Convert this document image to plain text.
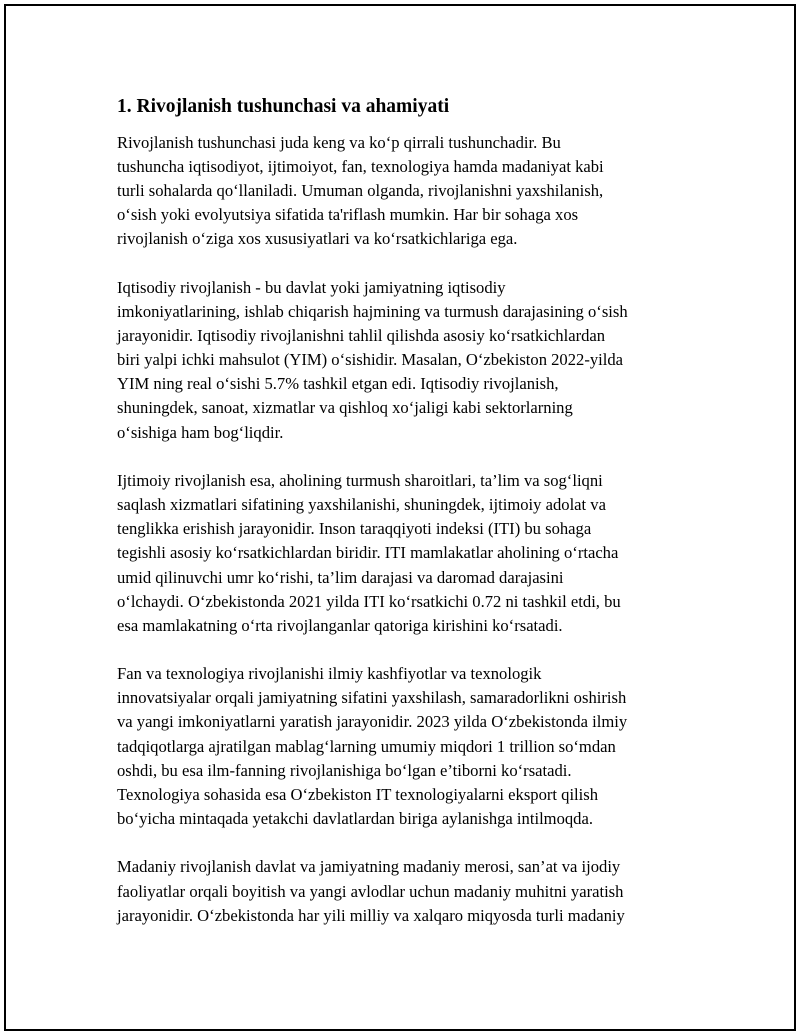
1. Rivojlanish tushunchasi va ahamiyati

Rivojlanish tushunchasi juda keng va ko‘p qirrali tushunchadir. Bu
tushuncha iqtisodiyot, ijtimoiyot, fan, texnologiya hamda madaniyat kabi
turli sohalarda qo‘llaniladi. Umuman olganda, rivojlanishni yaxshilanish,
o‘sish yoki evolyutsiya sifatida ta'riflash mumkin. Har bir sohaga xos
rivojlanish o‘ziga xos xususiyatlari va ko‘rsatkichlariga ega.

Iqtisodiy rivojlanish - bu davlat yoki jamiyatning iqtisodiy
imkoniyatlarining, ishlab chiqarish hajmining va turmush darajasining o‘sish
jarayonidir. Iqtisodiy rivojlanishni tahlil qilishda asosiy ko‘rsatkichlardan
biri yalpi ichki mahsulot (YIM) o‘sishidir. Masalan, O‘zbekiston 2022-yilda
YIM ning real o‘sishi 5.7% tashkil etgan edi. Iqtisodiy rivojlanish,
shuningdek, sanoat, xizmatlar va qishloq xo‘jaligi kabi sektorlarning
o‘sishiga ham bog‘liqdir.

Ijtimoiy rivojlanish esa, aholining turmush sharoitlari, ta’lim va sog‘liqni
saqlash xizmatlari sifatining yaxshilanishi, shuningdek, ijtimoiy adolat va
tenglikka erishish jarayonidir. Inson taraqqiyoti indeksi (ITI) bu sohaga
tegishli asosiy ko‘rsatkichlardan biridir. ITI mamlakatlar aholining o‘rtacha
umid qilinuvchi umr ko‘rishi, ta’lim darajasi va daromad darajasini
o‘lchaydi. O‘zbekistonda 2021 yilda ITI ko‘rsatkichi 0.72 ni tashkil etdi, bu
esa mamlakatning o‘rta rivojlanganlar qatoriga kirishini ko‘rsatadi.

Fan va texnologiya rivojlanishi ilmiy kashfiyotlar va texnologik
innovatsiyalar orqali jamiyatning sifatini yaxshilash, samaradorlikni oshirish
va yangi imkoniyatlarni yaratish jarayonidir. 2023 yilda O‘zbekistonda ilmiy
tadqiqotlarga ajratilgan mablag‘larning umumiy miqdori 1 trillion so‘mdan
oshdi, bu esa ilm-fanning rivojlanishiga bo‘lgan e’tiborni ko‘rsatadi.
Texnologiya sohasida esa O‘zbekiston IT texnologiyalarni eksport qilish
bo‘yicha mintaqada yetakchi davlatlardan biriga aylanishga intilmoqda.

Madaniy rivojlanish davlat va jamiyatning madaniy merosi, san’at va ijodiy
faoliyatlar orqali boyitish va yangi avlodlar uchun madaniy muhitni yaratish
jarayonidir. O‘zbekistonda har yili milliy va xalqaro miqyosda turli madaniy
